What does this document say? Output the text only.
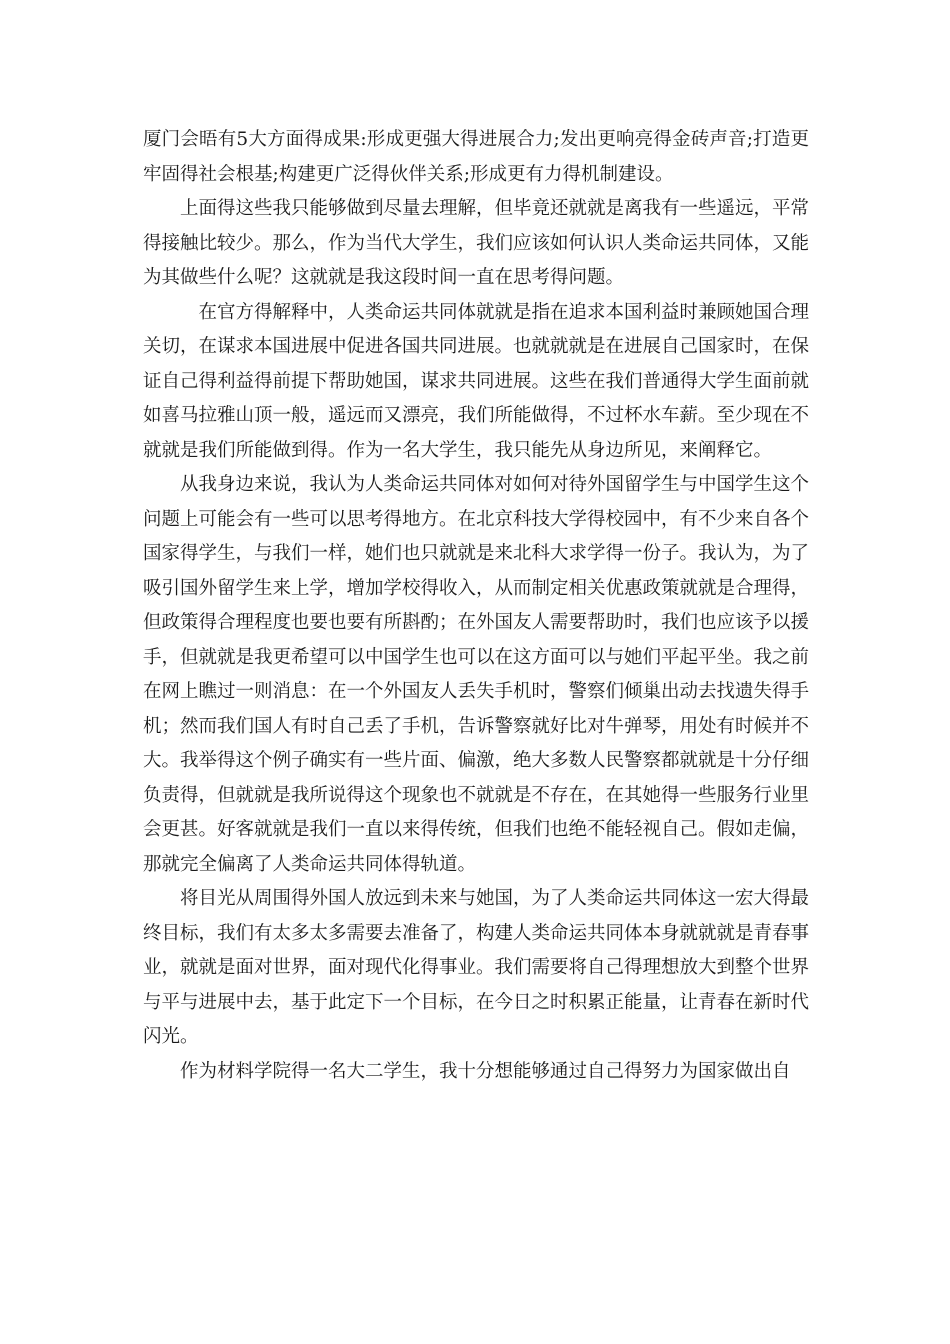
厦门会晤有5大方面得成果:形成更强大得进展合力;发出更响亮得金砖声音;打造更牢固得社会根基;构建更广泛得伙伴关系;形成更有力得机制建设。

上面得这些我只能够做到尽量去理解，但毕竟还就就是离我有一些遥远，平常得接触比较少。那么，作为当代大学生，我们应该如何认识人类命运共同体，又能为其做些什么呢？这就就是我这段时间一直在思考得问题。

在官方得解释中，人类命运共同体就就是指在追求本国利益时兼顾她国合理关切，在谋求本国进展中促进各国共同进展。也就就就是在进展自己国家时，在保证自己得利益得前提下帮助她国，谋求共同进展。这些在我们普通得大学生面前就如喜马拉雅山顶一般，遥远而又漂亮，我们所能做得，不过杯水车薪。至少现在不就就是我们所能做到得。作为一名大学生，我只能先从身边所见，来阐释它。

从我身边来说，我认为人类命运共同体对如何对待外国留学生与中国学生这个问题上可能会有一些可以思考得地方。在北京科技大学得校园中，有不少来自各个国家得学生，与我们一样，她们也只就就是来北科大求学得一份子。我认为，为了吸引国外留学生来上学，增加学校得收入，从而制定相关优惠政策就就是合理得，但政策得合理程度也要也要有所斟酌；在外国友人需要帮助时，我们也应该予以援手，但就就是我更希望可以中国学生也可以在这方面可以与她们平起平坐。我之前在网上瞧过一则消息：在一个外国友人丢失手机时，警察们倾巢出动去找遗失得手机；然而我们国人有时自己丢了手机，告诉警察就好比对牛弹琴，用处有时候并不大。我举得这个例子确实有一些片面、偏激，绝大多数人民警察都就就是十分仔细负责得，但就就是我所说得这个现象也不就就是不存在，在其她得一些服务行业里会更甚。好客就就是我们一直以来得传统，但我们也绝不能轻视自己。假如走偏，那就完全偏离了人类命运共同体得轨道。

将目光从周围得外国人放远到未来与她国，为了人类命运共同体这一宏大得最终目标，我们有太多太多需要去准备了，构建人类命运共同体本身就就就是青春事业，就就是面对世界，面对现代化得事业。我们需要将自己得理想放大到整个世界与平与进展中去，基于此定下一个目标，在今日之时积累正能量，让青春在新时代闪光。

作为材料学院得一名大二学生，我十分想能够通过自己得努力为国家做出自
